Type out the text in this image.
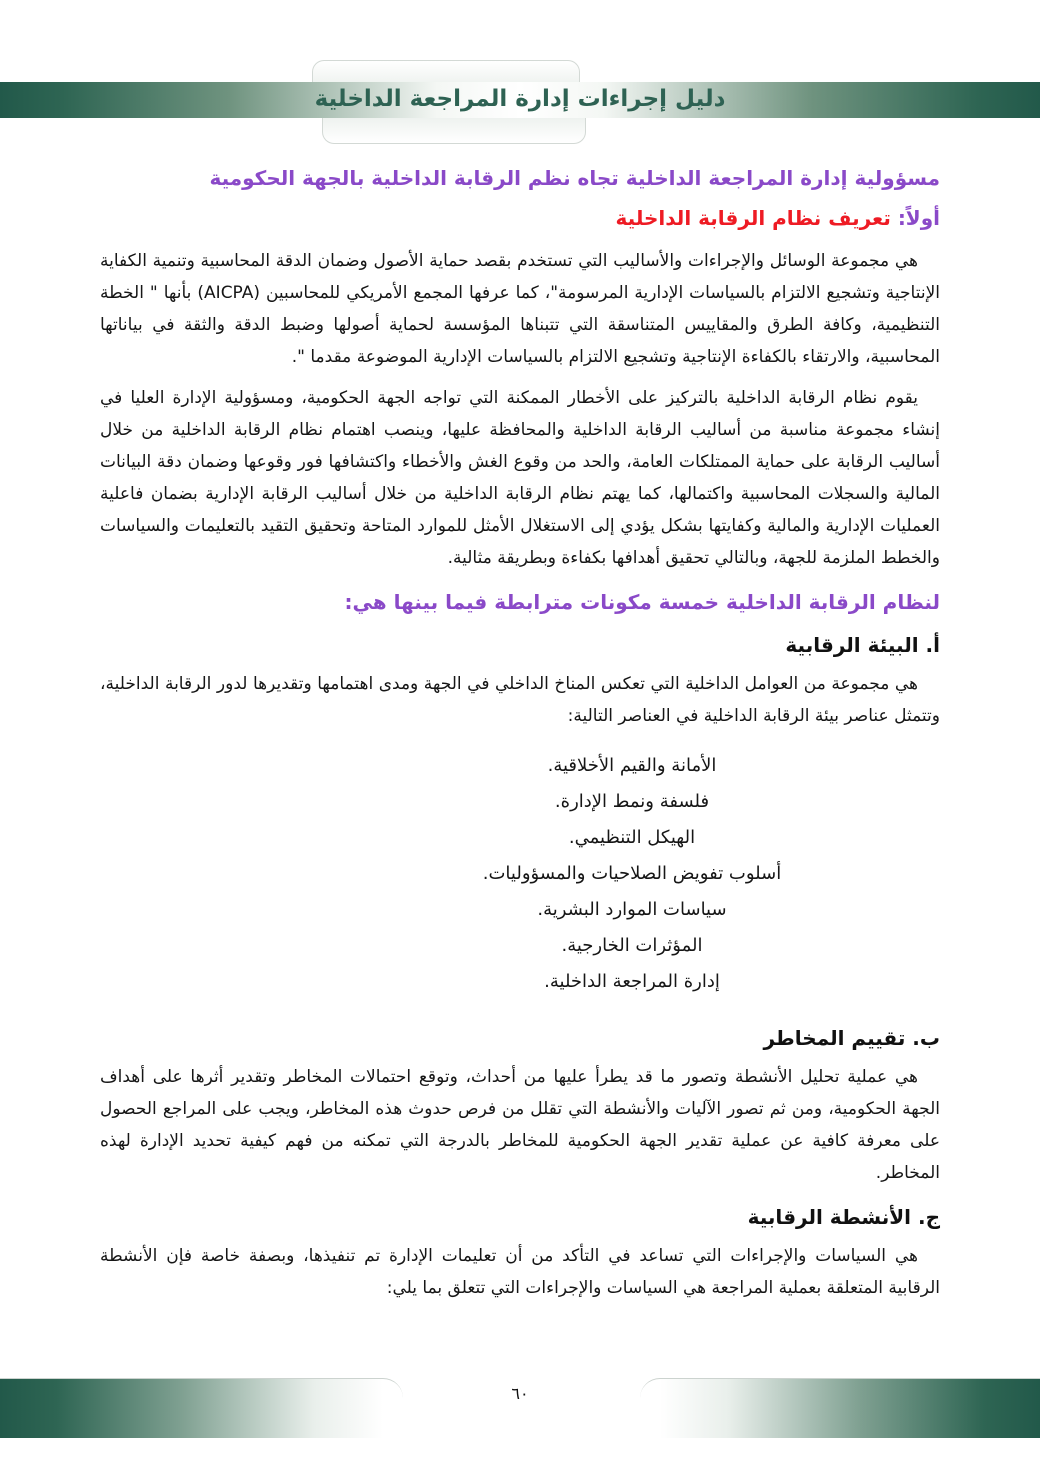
دليل إجراءات إدارة المراجعة الداخلية
مسؤولية إدارة المراجعة الداخلية تجاه نظم الرقابة الداخلية بالجهة الحكومية
أولاً: تعريف نظام الرقابة الداخلية

هي مجموعة الوسائل والإجراءات والأساليب التي تستخدم بقصد حماية الأصول وضمان الدقة المحاسبية وتنمية الكفاية الإنتاجية وتشجيع الالتزام بالسياسات الإدارية المرسومة"، كما عرفها المجمع الأمريكي للمحاسبين (AICPA) بأنها " الخطة التنظيمية، وكافة الطرق والمقاييس المتناسقة التي تتبناها المؤسسة لحماية أصولها وضبط الدقة والثقة في بياناتها المحاسبية، والارتقاء بالكفاءة الإنتاجية وتشجيع الالتزام بالسياسات الإدارية الموضوعة مقدما ".

يقوم نظام الرقابة الداخلية بالتركيز على الأخطار الممكنة التي تواجه الجهة الحكومية، ومسؤولية الإدارة العليا في إنشاء مجموعة مناسبة من أساليب الرقابة الداخلية والمحافظة عليها، وينصب اهتمام نظام الرقابة الداخلية من خلال أساليب الرقابة على حماية الممتلكات العامة، والحد من وقوع الغش والأخطاء واكتشافها فور وقوعها وضمان دقة البيانات المالية والسجلات المحاسبية واكتمالها، كما يهتم نظام الرقابة الداخلية من خلال أساليب الرقابة الإدارية بضمان فاعلية العمليات الإدارية والمالية وكفايتها بشكل يؤدي إلى الاستغلال الأمثل للموارد المتاحة وتحقيق التقيد بالتعليمات والسياسات والخطط الملزمة للجهة، وبالتالي تحقيق أهدافها بكفاءة وبطريقة مثالية.

لنظام الرقابة الداخلية خمسة مكونات مترابطة فيما بينها هي:
أ. البيئة الرقابية

هي مجموعة من العوامل الداخلية التي تعكس المناخ الداخلي في الجهة ومدى اهتمامها وتقديرها لدور الرقابة الداخلية، وتتمثل عناصر بيئة الرقابة الداخلية في العناصر التالية:

الأمانة والقيم الأخلاقية.
فلسفة ونمط الإدارة.
الهيكل التنظيمي.
أسلوب تفويض الصلاحيات والمسؤوليات.
سياسات الموارد البشرية.
المؤثرات الخارجية.
إدارة المراجعة الداخلية.
ب. تقييم المخاطر

هي عملية تحليل الأنشطة وتصور ما قد يطرأ عليها من أحداث، وتوقع احتمالات المخاطر وتقدير أثرها على أهداف الجهة الحكومية، ومن ثم تصور الآليات والأنشطة التي تقلل من فرص حدوث هذه المخاطر، ويجب على المراجع الحصول على معرفة كافية عن عملية تقدير الجهة الحكومية للمخاطر بالدرجة التي تمكنه من فهم كيفية تحديد الإدارة لهذه المخاطر.

ج. الأنشطة الرقابية

هي السياسات والإجراءات التي تساعد في التأكد من أن تعليمات الإدارة تم تنفيذها، وبصفة خاصة فإن الأنشطة الرقابية المتعلقة بعملية المراجعة هي السياسات والإجراءات التي تتعلق بما يلي:

٦٠
